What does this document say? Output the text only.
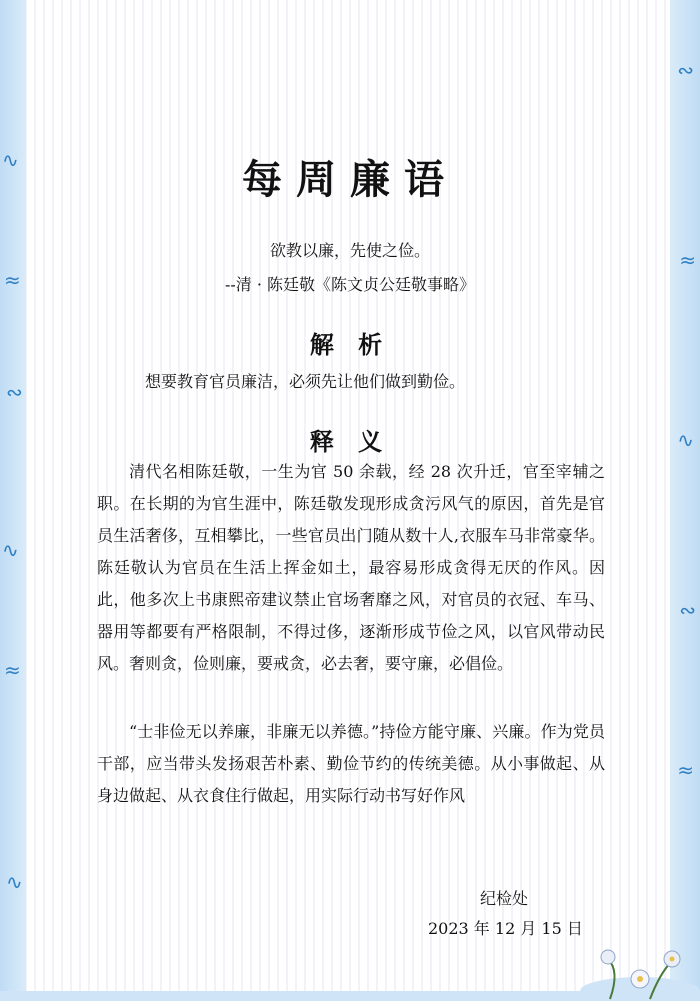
∿
≈
∾
∿
≈
∿
∾
≈
∿
∾
≈
每周廉语
欲教以廉，先使之俭。
--清 · 陈廷敬《陈文贞公廷敬事略》
解 析
想要教育官员廉洁，必须先让他们做到勤俭。
释 义
清代名相陈廷敬，一生为官 50 余载，经 28 次升迁，官至宰辅之职。在长期的为官生涯中，陈廷敬发现形成贪污风气的原因，首先是官员生活奢侈，互相攀比，一些官员出门随从数十人,衣服车马非常豪华。陈廷敬认为官员在生活上挥金如土，最容易形成贪得无厌的作风。因此，他多次上书康熙帝建议禁止官场奢靡之风，对官员的衣冠、车马、器用等都要有严格限制，不得过侈，逐渐形成节俭之风，以官风带动民风。奢则贪，俭则廉，要戒贪，必去奢，要守廉，必倡俭。
“士非俭无以养廉，非廉无以养德。”持俭方能守廉、兴廉。作为党员干部，应当带头发扬艰苦朴素、勤俭节约的传统美德。从小事做起、从身边做起、从衣食住行做起，用实际行动书写好作风
纪检处
2023 年 12 月 15 日
